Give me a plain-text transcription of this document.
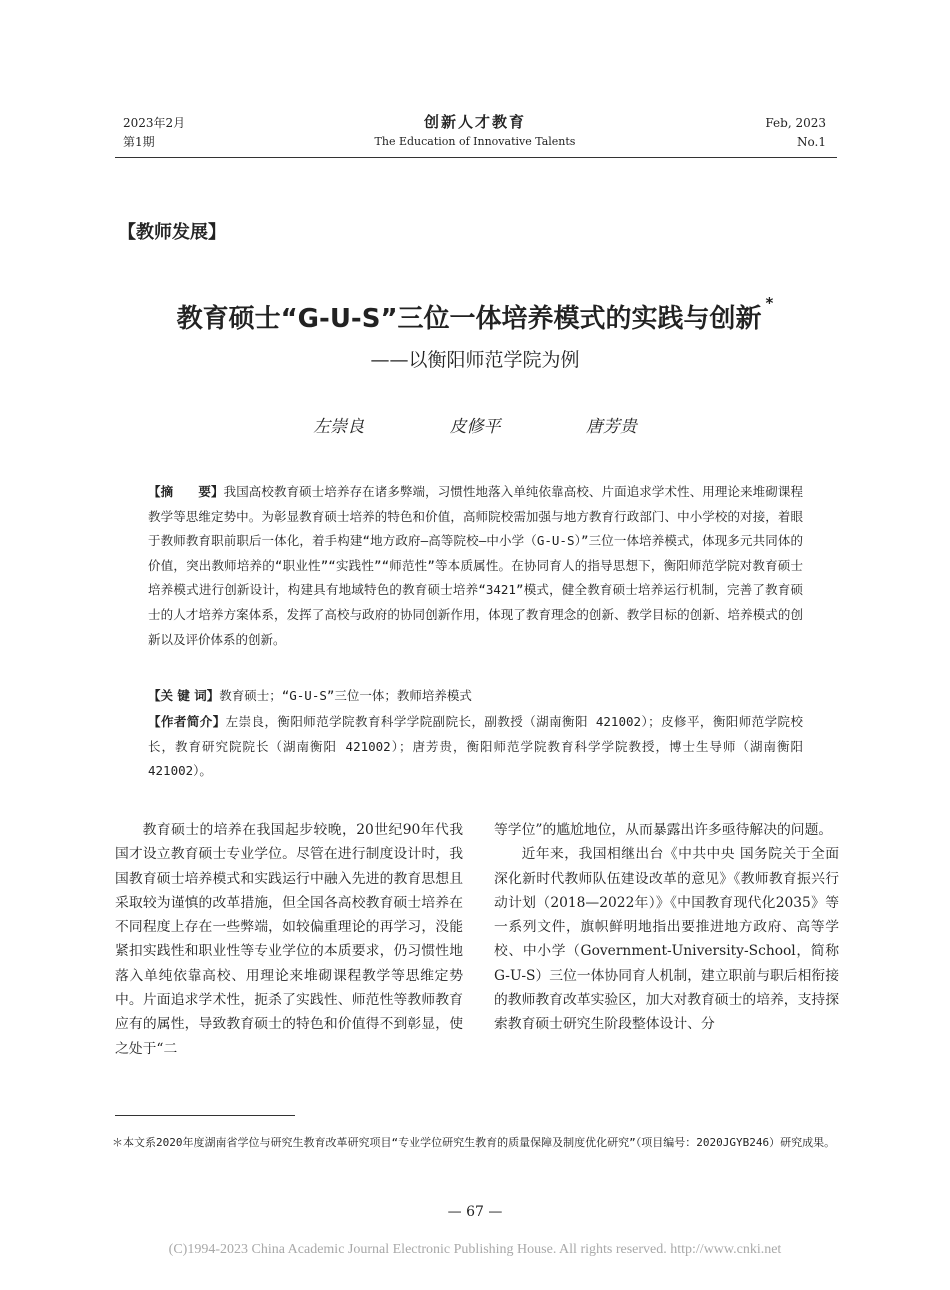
2023年2月
第1期
创新人才教育
The Education of Innovative Talents
Feb, 2023
No.1
【教师发展】
教育硕士“G-U-S”三位一体培养模式的实践与创新*
——以衡阳师范学院为例
左崇良	皮修平	唐芳贵
【摘　　要】我国高校教育硕士培养存在诸多弊端，习惯性地落入单纯依靠高校、片面追求学术性、用理论来堆砌课程教学等思维定势中。为彰显教育硕士培养的特色和价值，高师院校需加强与地方教育行政部门、中小学校的对接，着眼于教师教育职前职后一体化，着手构建“地方政府—高等院校—中小学（G-U-S）”三位一体培养模式，体现多元共同体的价值，突出教师培养的“职业性”“实践性”“师范性”等本质属性。在协同育人的指导思想下，衡阳师范学院对教育硕士培养模式进行创新设计，构建具有地域特色的教育硕士培养“3421”模式，健全教育硕士培养运行机制，完善了教育硕士的人才培养方案体系，发挥了高校与政府的协同创新作用，体现了教育理念的创新、教学目标的创新、培养模式的创新以及评价体系的创新。
【关 键 词】教育硕士；“G-U-S”三位一体；教师培养模式
【作者简介】左崇良，衡阳师范学院教育科学学院副院长，副教授（湖南衡阳 421002）；皮修平，衡阳师范学院校长，教育研究院院长（湖南衡阳 421002）；唐芳贵，衡阳师范学院教育科学学院教授，博士生导师（湖南衡阳 421002）。

教育硕士的培养在我国起步较晚，20世纪90年代我国才设立教育硕士专业学位。尽管在进行制度设计时，我国教育硕士培养模式和实践运行中融入先进的教育思想且采取较为谨慎的改革措施，但全国各高校教育硕士培养在不同程度上存在一些弊端，如较偏重理论的再学习，没能紧扣实践性和职业性等专业学位的本质要求，仍习惯性地落入单纯依靠高校、用理论来堆砌课程教学等思维定势中。片面追求学术性，扼杀了实践性、师范性等教师教育应有的属性，导致教育硕士的特色和价值得不到彰显，使之处于“二

等学位”的尴尬地位，从而暴露出许多亟待解决的问题。

近年来，我国相继出台《中共中央 国务院关于全面深化新时代教师队伍建设改革的意见》《教师教育振兴行动计划（2018—2022年）》《中国教育现代化2035》等一系列文件，旗帜鲜明地指出要推进地方政府、高等学校、中小学（Government-University-School，简称G-U-S）三位一体协同育人机制，建立职前与职后相衔接的教师教育改革实验区，加大对教育硕士的培养，支持探索教育硕士研究生阶段整体设计、分

＊本文系2020年度湖南省学位与研究生教育改革研究项目“专业学位研究生教育的质量保障及制度优化研究”（项目编号：2020JGYB246）研究成果。
— 67 —
(C)1994-2023 China Academic Journal Electronic Publishing House. All rights reserved. http://www.cnki.net
